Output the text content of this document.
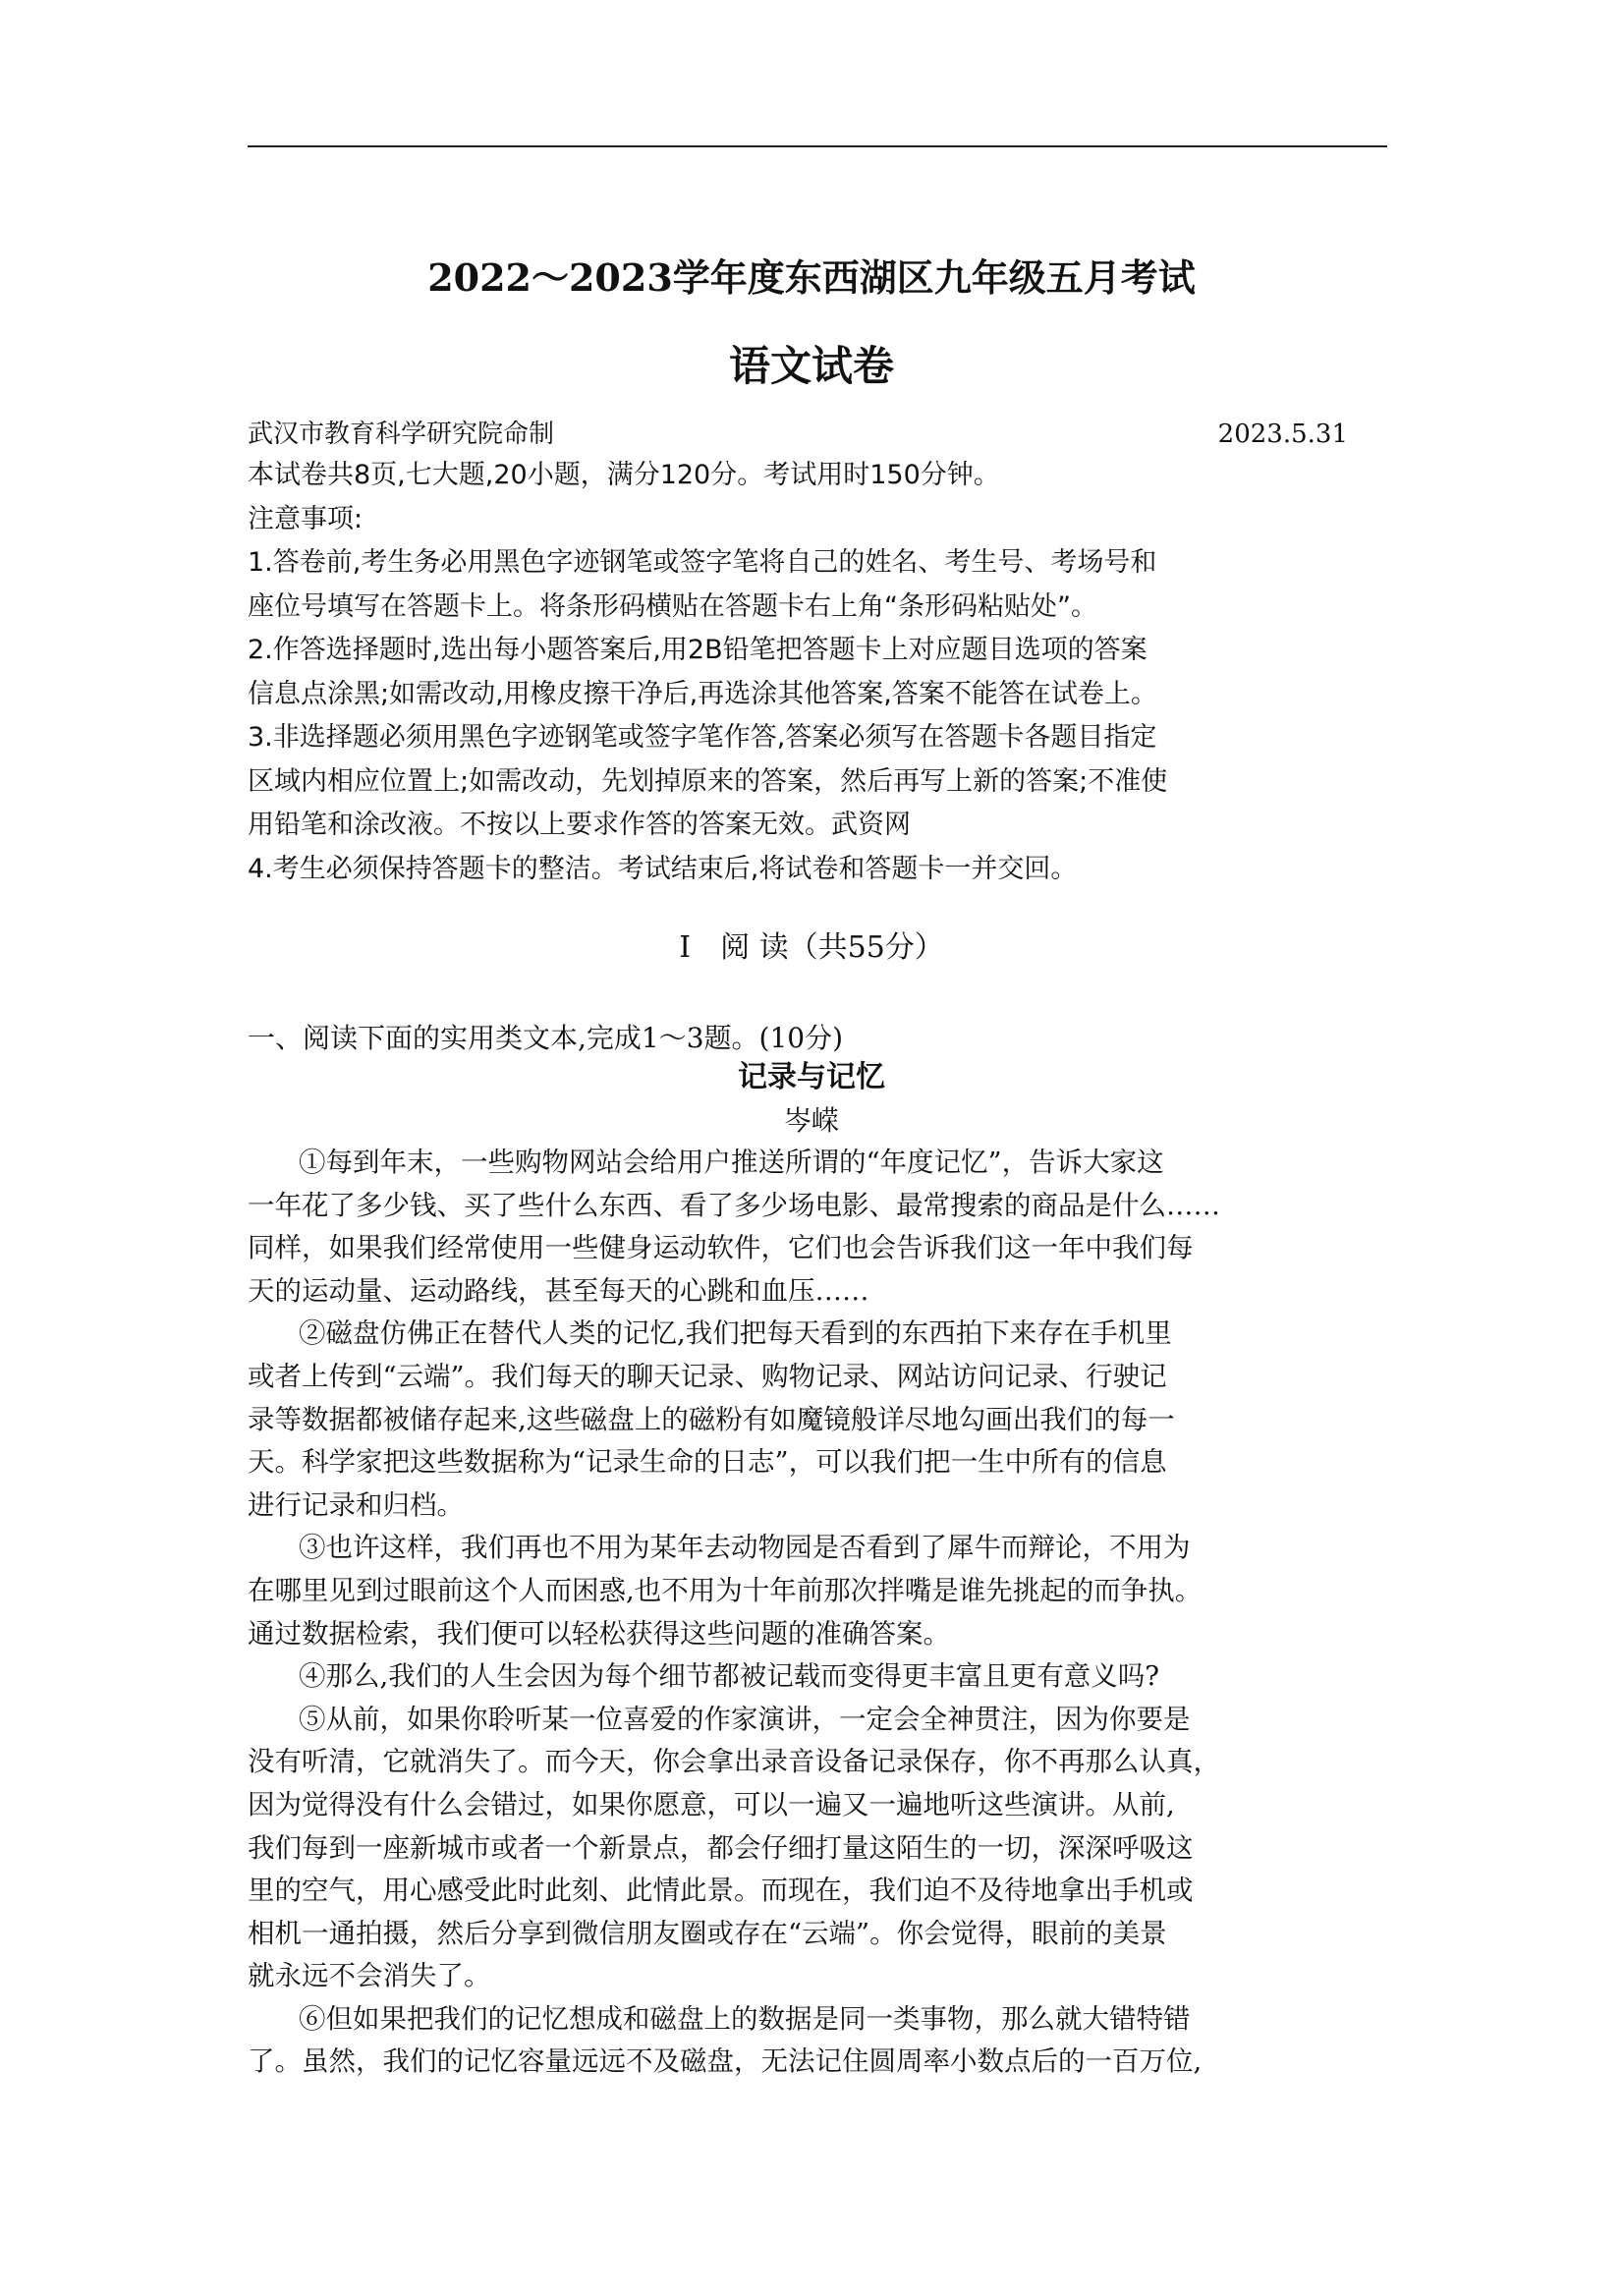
2022～2023学年度东西湖区九年级五月考试
语文试卷
武汉市教育科学研究院命制	2023.5.31
本试卷共8页,七大题,20小题，满分120分。考试用时150分钟。
注意事项:
1.答卷前,考生务必用黑色字迹钢笔或签字笔将自己的姓名、考生号、考场号和
座位号填写在答题卡上。将条形码横贴在答题卡右上角“条形码粘贴处”。
2.作答选择题时,选出每小题答案后,用2B铅笔把答题卡上对应题目选项的答案
信息点涂黑;如需改动,用橡皮擦干净后,再选涂其他答案,答案不能答在试卷上。
3.非选择题必须用黑色字迹钢笔或签字笔作答,答案必须写在答题卡各题目指定
区域内相应位置上;如需改动，先划掉原来的答案，然后再写上新的答案;不准使
用铅笔和涂改液。不按以上要求作答的答案无效。武资网
4.考生必须保持答题卡的整洁。考试结束后,将试卷和答题卡一并交回。
Ⅰ　阅 读（共55分）
一、阅读下面的实用类文本,完成1～3题。(10分)
记录与记忆
岑嵘
①每到年末，一些购物网站会给用户推送所谓的“年度记忆”，告诉大家这
一年花了多少钱、买了些什么东西、看了多少场电影、最常搜索的商品是什么……
同样，如果我们经常使用一些健身运动软件，它们也会告诉我们这一年中我们每
天的运动量、运动路线，甚至每天的心跳和血压……
②磁盘仿佛正在替代人类的记忆,我们把每天看到的东西拍下来存在手机里
或者上传到“云端”。我们每天的聊天记录、购物记录、网站访问记录、行驶记
录等数据都被储存起来,这些磁盘上的磁粉有如魔镜般详尽地勾画出我们的每一
天。科学家把这些数据称为“记录生命的日志”，可以我们把一生中所有的信息
进行记录和归档。
③也许这样，我们再也不用为某年去动物园是否看到了犀牛而辩论，不用为
在哪里见到过眼前这个人而困惑,也不用为十年前那次拌嘴是谁先挑起的而争执。
通过数据检索，我们便可以轻松获得这些问题的准确答案。
④那么,我们的人生会因为每个细节都被记载而变得更丰富且更有意义吗?
⑤从前，如果你聆听某一位喜爱的作家演讲，一定会全神贯注，因为你要是
没有听清，它就消失了。而今天，你会拿出录音设备记录保存，你不再那么认真，
因为觉得没有什么会错过，如果你愿意，可以一遍又一遍地听这些演讲。从前,
我们每到一座新城市或者一个新景点，都会仔细打量这陌生的一切，深深呼吸这
里的空气，用心感受此时此刻、此情此景。而现在，我们迫不及待地拿出手机或
相机一通拍摄，然后分享到微信朋友圈或存在“云端”。你会觉得，眼前的美景
就永远不会消失了。
⑥但如果把我们的记忆想成和磁盘上的数据是同一类事物，那么就大错特错
了。虽然，我们的记忆容量远远不及磁盘，无法记住圆周率小数点后的一百万位,
